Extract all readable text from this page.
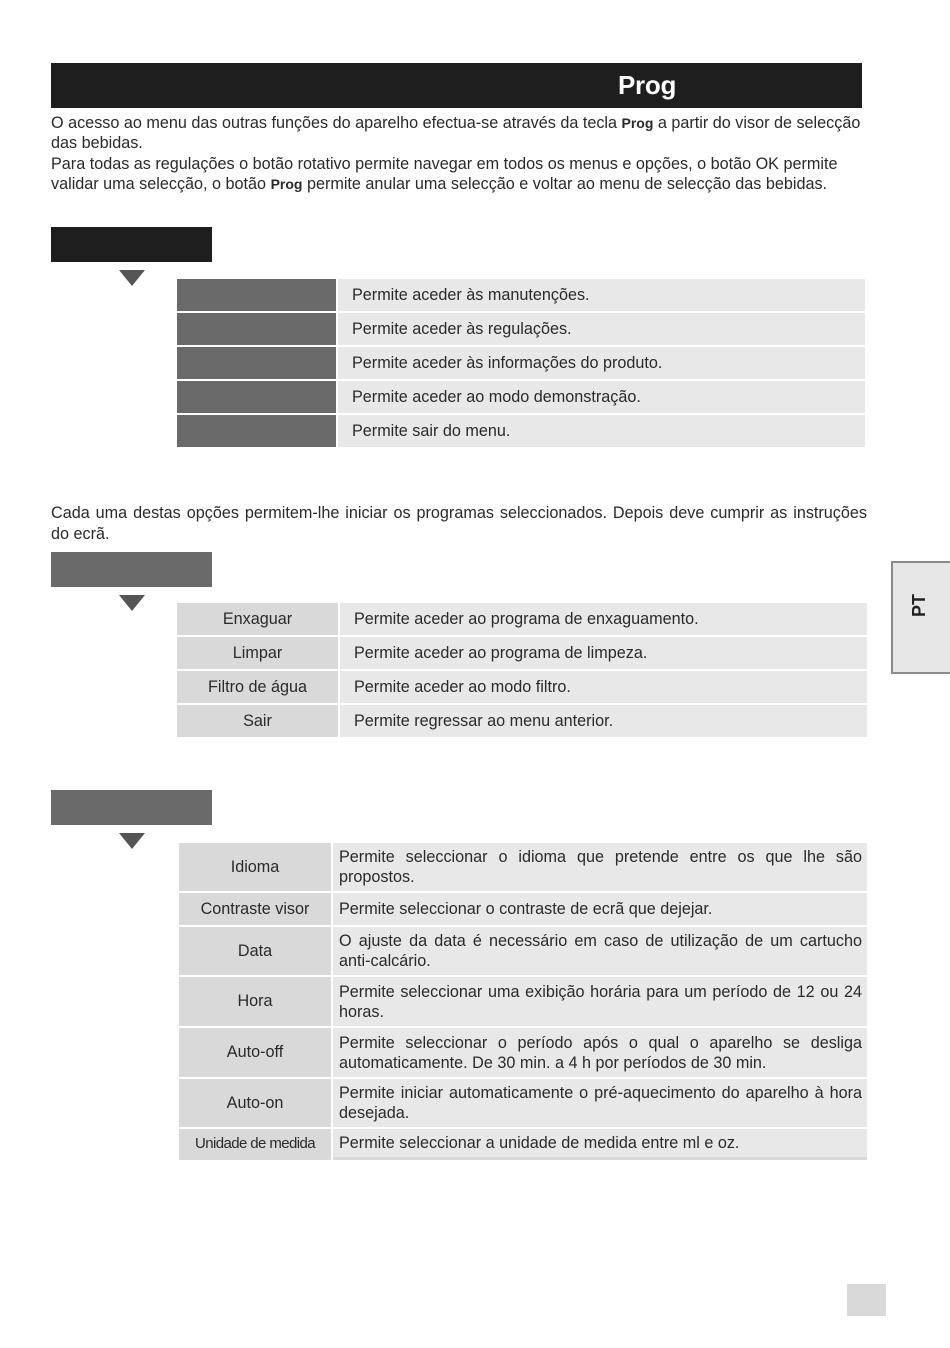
Prog

O acesso ao menu das outras funções do aparelho efectua-se através da tecla Prog a partir do visor de selecção das bebidas.

Para todas as regulações o botão rotativo permite navegar em todos os menus e opções, o botão OK permite validar uma selecção, o botão Prog permite anular uma selecção e voltar ao menu de selecção das bebidas.

	Permite aceder às manutenções.
	Permite aceder às regulações.
	Permite aceder às informações do produto.
	Permite aceder ao modo demonstração.
	Permite sair do menu.

Cada uma destas opções permitem-lhe iniciar os programas seleccionados. Depois deve cumprir as instruções do ecrã.

Enxaguar	Permite aceder ao programa de enxaguamento.
Limpar	Permite aceder ao programa de limpeza.
Filtro de água	Permite aceder ao modo filtro.
Sair	Permite regressar ao menu anterior.
Idioma	Permite seleccionar o idioma que pretende entre os que lhe são propostos.
Contraste visor	Permite seleccionar o contraste de ecrã que dejejar.
Data	O ajuste da data é necessário em caso de utilização de um cartucho anti-calcário.
Hora	Permite seleccionar uma exibição horária para um período de 12 ou 24 horas.
Auto-off	Permite seleccionar o período após o qual o aparelho se desliga automaticamente. De 30 min. a 4 h por períodos de 30 min.
Auto-on	Permite iniciar automaticamente o pré-aquecimento do aparelho à hora desejada.
Unidade de medida	Permite seleccionar a unidade de medida entre ml e oz.
PT
